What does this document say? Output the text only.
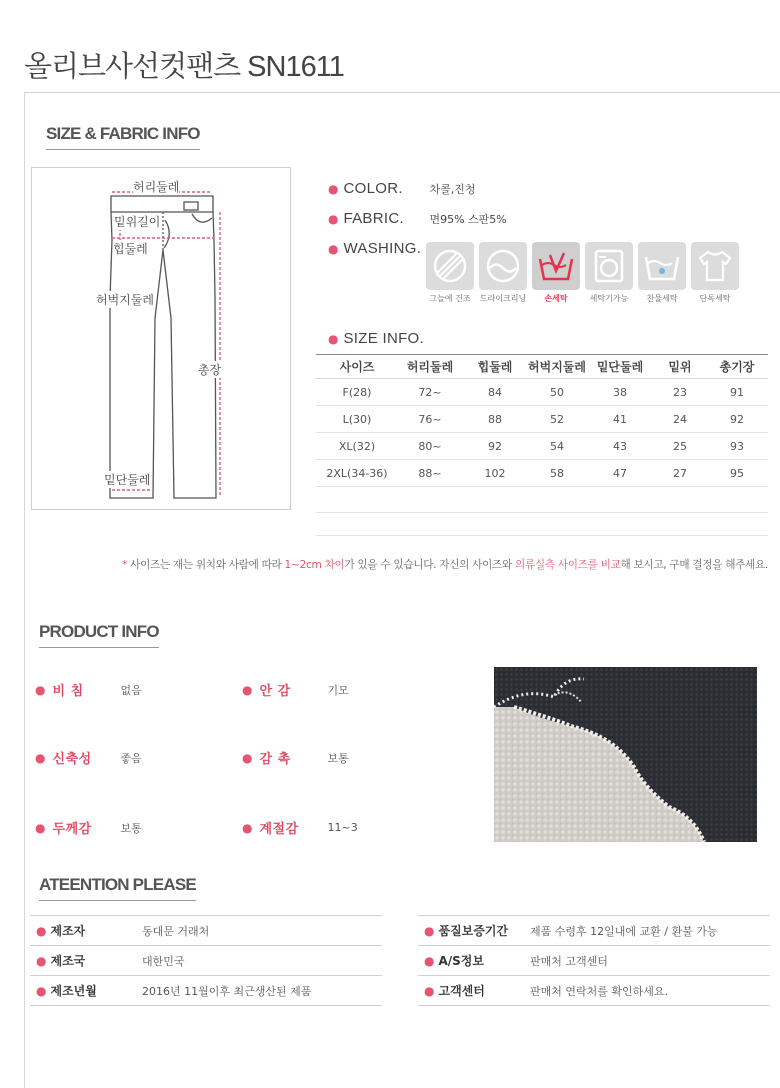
올리브사선컷팬츠 SN1611
SIZE & FABRIC INFO
허리둘레
밑위길이
힙둘레
허벅지둘레
총장
밑단둘레
● COLOR.	차콜,진청
● FABRIC.	면95% 스판5%
● WASHING.
그늘에 건조	드라이크리닝	손세탁	세탁기가능	찬물세탁	단독세탁
● SIZE INFO.
사이즈	허리둘레	힙둘레	허벅지둘레	밑단둘레	밑위	총기장
F(28)	72~	84	50	38	23	91
L(30)	76~	88	52	41	24	92
XL(32)	80~	92	54	43	25	93
2XL(34-36)	88~	102	58	47	27	95

* 사이즈는 재는 위치와 사람에 따라 1~2cm 차이가 있을 수 있습니다. 자신의 사이즈와 의류실측 사이즈를 비교해 보시고, 구매 결정을 해주세요.
PRODUCT INFO
● 비 침	없음	● 안 감	기모
● 신축성	좋음	● 감 촉	보통
● 두께감	보통	● 계절감	11~3
ATEENTION PLEASE
● 제조자	동대문 거래처
● 제조국	대한민국
● 제조년월	2016년 11월이후 최근생산된 제품
● 품질보증기간 제품 수령후 12일내에 교환 / 환불 가능
● A/S정보	판매처 고객센터
● 고객센터	판매처 연락처를 확인하세요.
